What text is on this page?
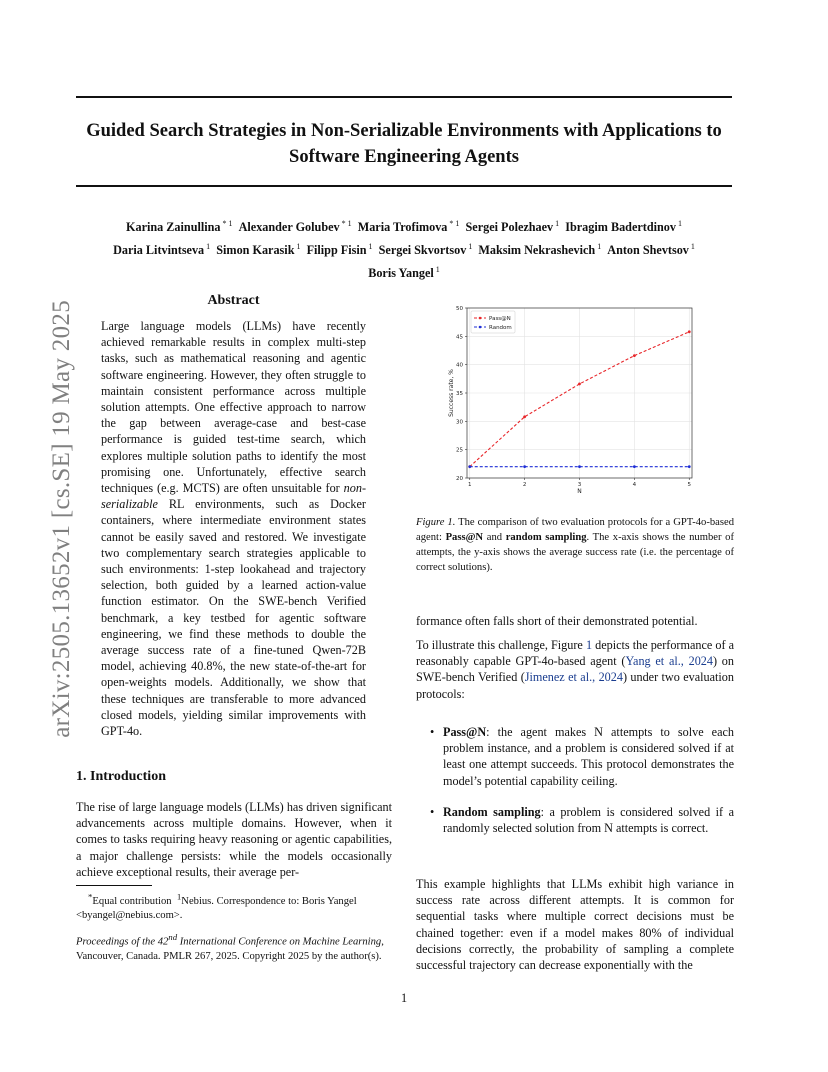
Guided Search Strategies in Non-Serializable Environments with Applications to Software Engineering Agents
Karina Zainullina $^{* 1}$ Alexander Golubev $^{* 1}$ Maria Trofimova $^{* 1}$ Sergei Polezhaev $^1$ Ibragim Badertdinov $^1$
Daria Litvintseva $^1$ Simon Karasik $^1$ Filipp Fisin $^1$ Sergei Skvortsov $^1$ Maksim Nekrashevich $^1$ Anton Shevtsov $^1$
Boris Yangel $^1$
arXiv:2505.13652v1 [cs.SE] 19 May 2025	Abstract
Large language models (LLMs) have recently achieved remarkable results in complex multi-step tasks, such as mathematical reasoning and agentic software engineering. However, they often struggle to maintain consistent performance across multiple solution attempts. One effective approach to narrow the gap between average-case and best-case performance is guided test-time search, which explores multiple solution paths to identify the most promising one. Unfortunately, effective search techniques (e.g. MCTS) are often unsuitable for non-serializable RL environments, such as Docker containers, where intermediate environment states cannot be easily saved and restored. We investigate two complementary search strategies applicable to such environments: 1-step lookahead and trajectory selection, both guided by a learned action-value function estimator. On the SWE-bench Verified benchmark, a key testbed for agentic software engineering, we find these methods to double the average success rate of a fine-tuned Qwen-72B model, achieving 40.8%, the new state-of-the-art for open-weights models. Additionally, we show that these techniques are transferable to more advanced closed models, yielding similar improvements with GPT-4o.
1. Introduction
The rise of large language models (LLMs) has driven significant advancements across multiple domains. However, when it comes to tasks requiring heavy reasoning or agentic capabilities, a major challenge persists: while the models occasionally achieve exceptional results, their average per-
*Equal contribution $^1$Nebius. Correspondence to: Boris Yangel <byangel@nebius.com>.
Proceedings of the 42nd International Conference on Machine Learning, Vancouver, Canada. PMLR 267, 2025. Copyright 2025 by the author(s).
20
25
30
35
40
45
50
1	2	3	4	5
N
Success rate, %
Pass@N
Random
Figure 1. The comparison of two evaluation protocols for a GPT-4o-based agent: Pass@N and random sampling. The x-axis shows the number of attempts, the y-axis shows the average success rate (i.e. the percentage of correct solutions).
formance often falls short of their demonstrated potential.
To illustrate this challenge, Figure 1 depicts the performance of a reasonably capable GPT-4o-based agent (Yang et al., 2024) on SWE-bench Verified (Jimenez et al., 2024) under two evaluation protocols:
• Pass@N: the agent makes N attempts to solve each problem instance, and a problem is considered solved if at least one attempt succeeds. This protocol demonstrates the model’s potential capability ceiling.
• Random sampling: a problem is considered solved if a randomly selected solution from N attempts is correct.
This example highlights that LLMs exhibit high variance in success rate across different attempts. It is common for sequential tasks where multiple correct decisions must be chained together: even if a model makes 80% of individual decisions correctly, the probability of sampling a complete successful trajectory can decrease exponentially with the
1
